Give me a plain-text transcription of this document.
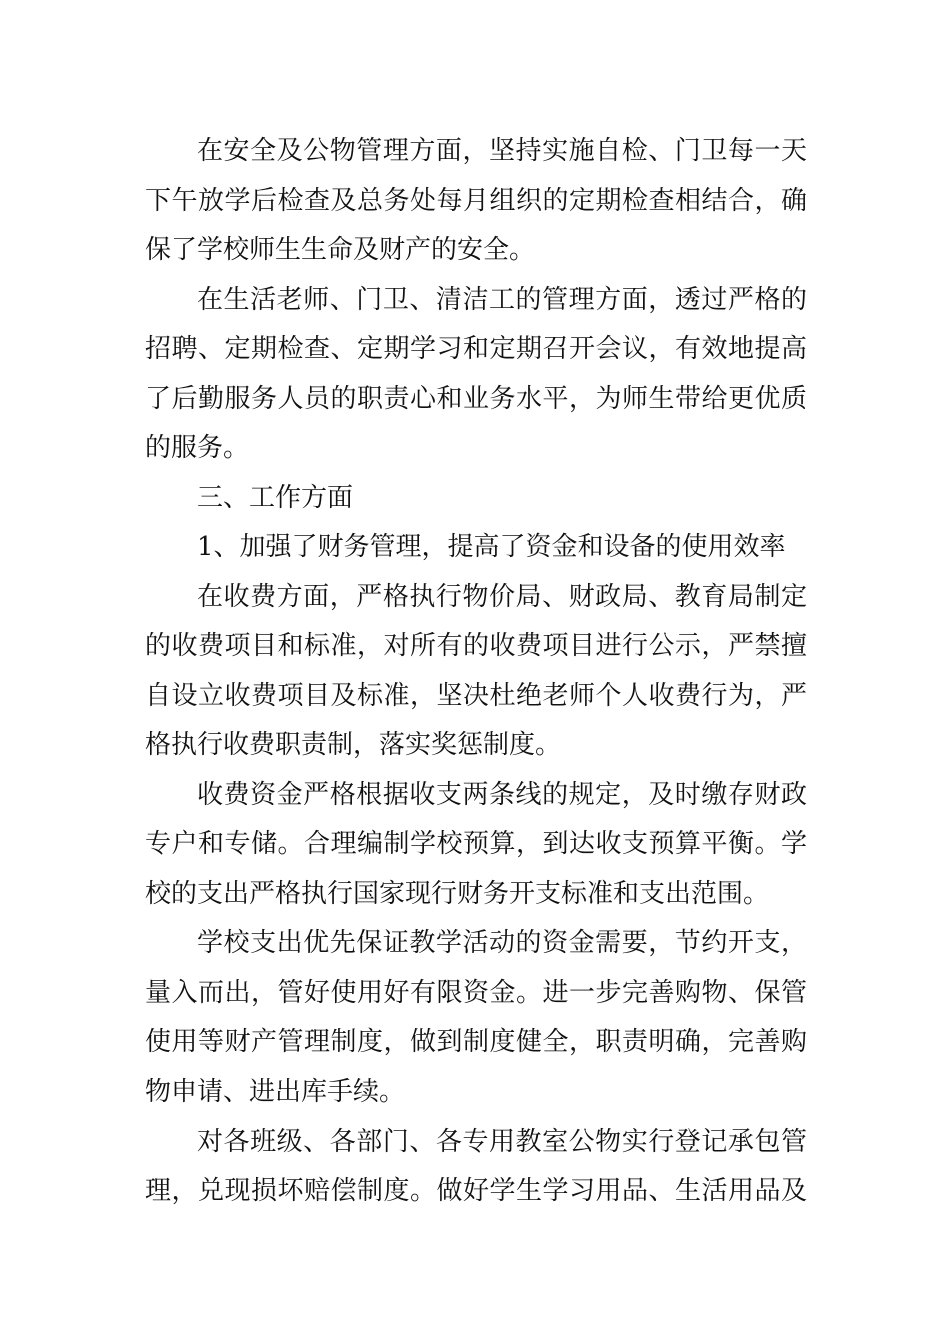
在安全及公物管理方面，坚持实施自检、门卫每一天
下午放学后检查及总务处每月组织的定期检查相结合，确
保了学校师生生命及财产的安全。
在生活老师、门卫、清洁工的管理方面，透过严格的
招聘、定期检查、定期学习和定期召开会议，有效地提高
了后勤服务人员的职责心和业务水平，为师生带给更优质
的服务。
三、工作方面
1、加强了财务管理，提高了资金和设备的使用效率
在收费方面，严格执行物价局、财政局、教育局制定
的收费项目和标准，对所有的收费项目进行公示，严禁擅
自设立收费项目及标准，坚决杜绝老师个人收费行为，严
格执行收费职责制，落实奖惩制度。
收费资金严格根据收支两条线的规定，及时缴存财政
专户和专储。合理编制学校预算，到达收支预算平衡。学
校的支出严格执行国家现行财务开支标准和支出范围。
学校支出优先保证教学活动的资金需要，节约开支，
量入而出，管好使用好有限资金。进一步完善购物、保管
使用等财产管理制度，做到制度健全，职责明确，完善购
物申请、进出库手续。
对各班级、各部门、各专用教室公物实行登记承包管
理，兑现损坏赔偿制度。做好学生学习用品、生活用品及
